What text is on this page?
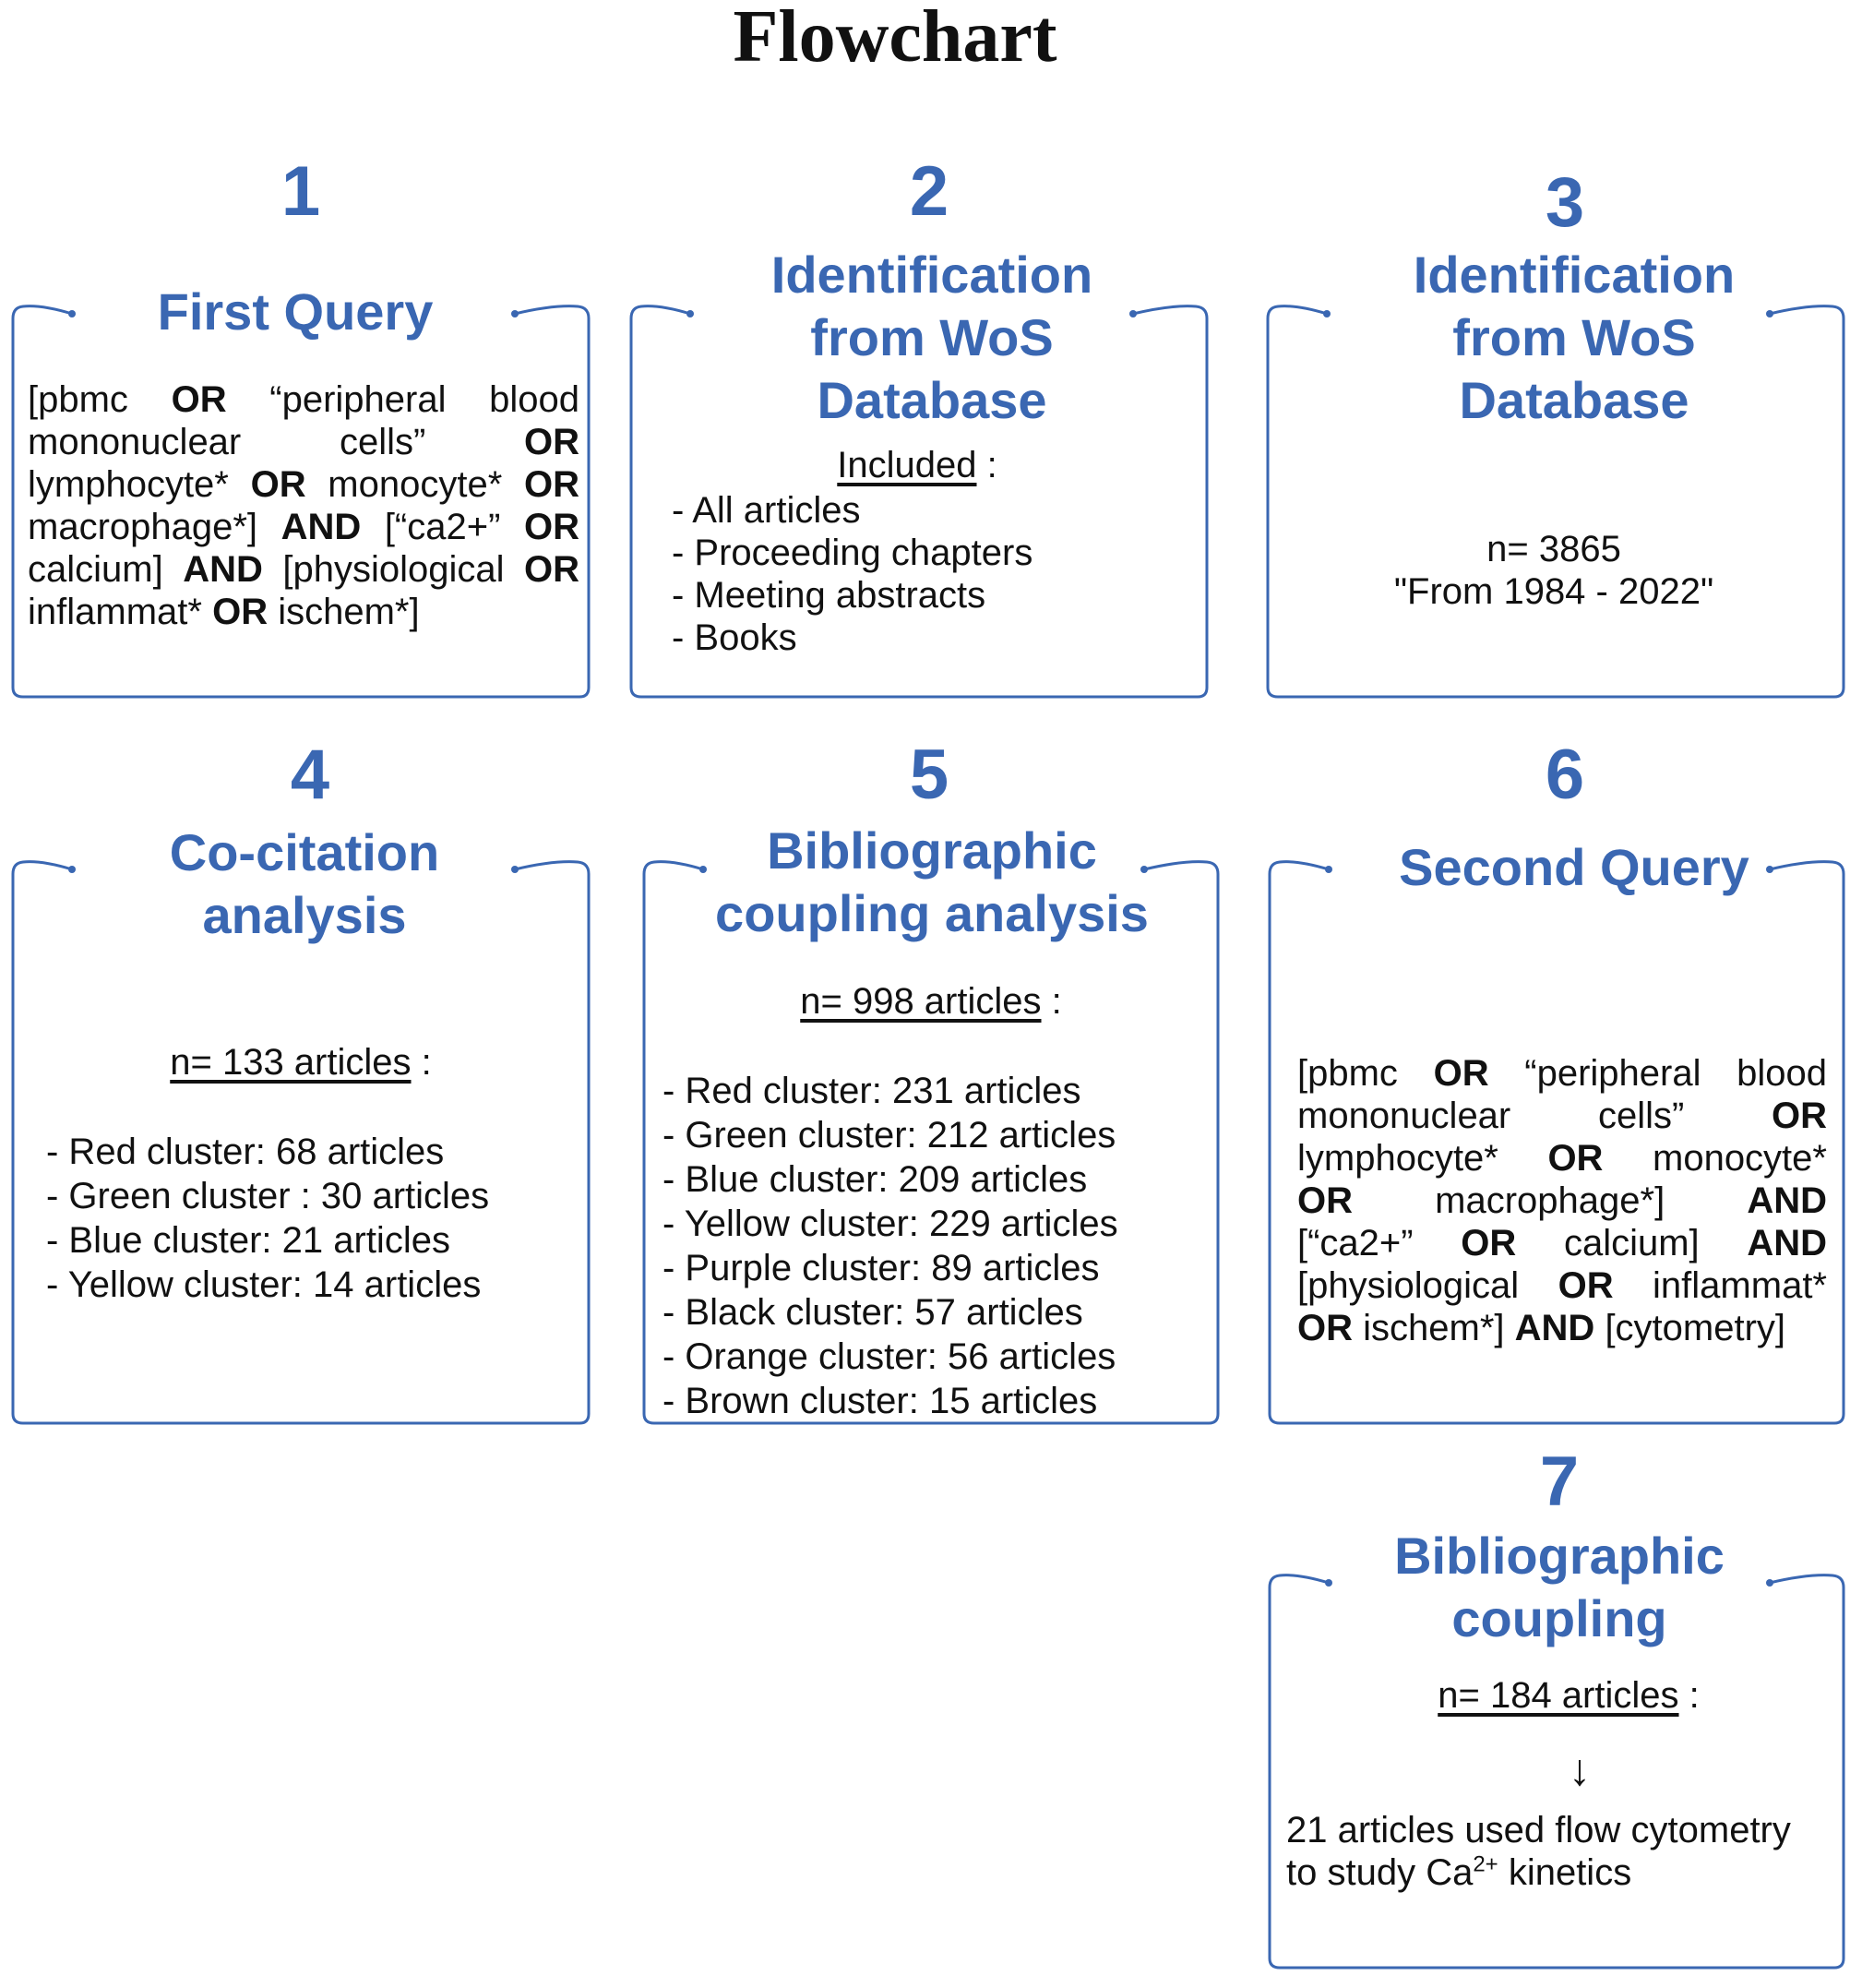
Flowchart
1
First Query
[pbmc OR “peripheral blood
mononuclear	cells”	OR
lymphocyte* OR monocyte* OR
macrophage*] AND [“ca2+” OR
calcium] AND [physiological OR
inflammat* OR ischem*]
2
Identification
from WoS
Database
Included :
- All articles
- Proceeding chapters
- Meeting abstracts
- Books
3
Identification
from WoS
Database
n= 3865
"From 1984 - 2022"
4
Co-citation
analysis
n= 133 articles :
- Red cluster: 68 articles
- Green cluster : 30 articles
- Blue cluster: 21 articles
- Yellow cluster: 14 articles
5
Bibliographic
coupling analysis
n= 998 articles :
- Red cluster: 231 articles
- Green cluster: 212 articles
- Blue cluster: 209 articles
- Yellow cluster: 229 articles
- Purple cluster: 89 articles
- Black cluster: 57 articles
- Orange cluster: 56 articles
- Brown cluster: 15 articles
6
Second Query
[pbmc OR “peripheral blood
mononuclear cells” OR
lymphocyte* OR monocyte*
OR macrophage*] AND
[“ca2+” OR calcium] AND
[physiological OR inflammat*
OR ischem*] AND [cytometry]
7
Bibliographic
coupling
n= 184 articles :
↓
21 articles used flow cytometry
to study $Ca^{2+}$ kinetics
